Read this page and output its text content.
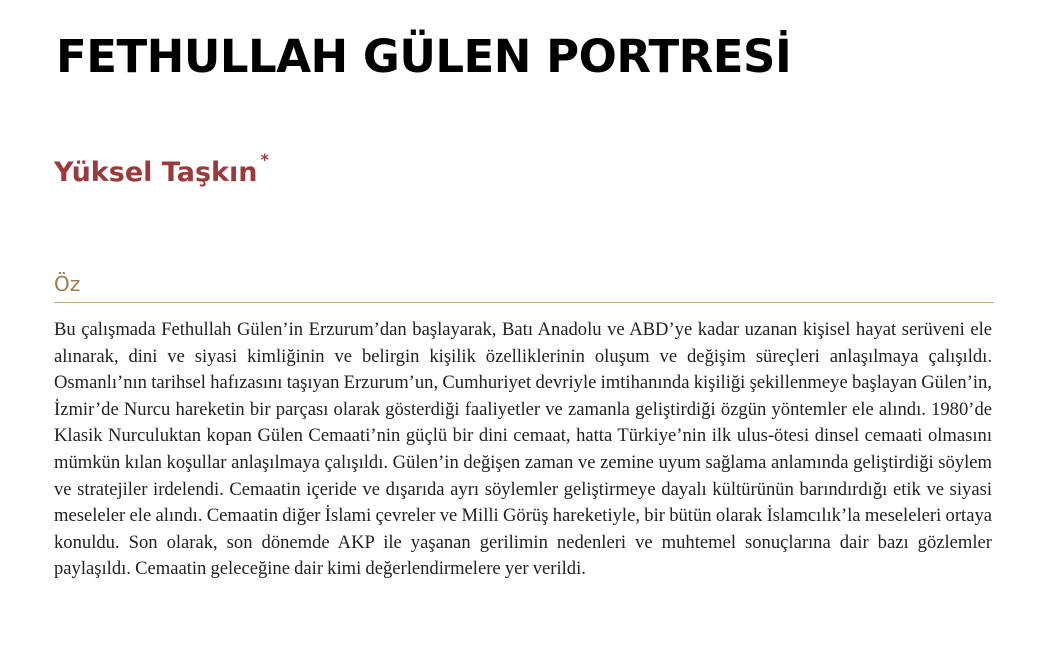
FETHULLAH GÜLEN PORTRESİ
Yüksel Taşkın *
Öz

Bu çalışmada Fethullah Gülen’in Erzurum’dan başlayarak, Batı Anadolu ve ABD’ye kadar uzanan kişisel hayat serüveni ele alınarak, dini ve siyasi kimliğinin ve belirgin kişilik özelliklerinin oluşum ve değişim süreçleri anlaşılmaya çalışıldı. Osmanlı’nın tarihsel hafızasını taşıyan Erzurum’un, Cumhuriyet devriyle imtihanında kişiliği şekillenmeye başlayan Gülen’in, İzmir’de Nurcu hareketin bir parçası olarak gösterdiği faaliyetler ve zamanla geliştirdiği özgün yöntemler ele alındı. 1980’de Klasik Nurculuktan kopan Gülen Cemaati’nin güçlü bir dini cemaat, hatta Türkiye’nin ilk ulus-ötesi dinsel cemaati olmasını mümkün kılan koşullar anlaşılmaya çalışıldı. Gülen’in değişen zaman ve zemine uyum sağlama anlamında geliştirdiği söylem ve stratejiler irdelendi. Cemaatin içeride ve dışarıda ayrı söylemler geliştirmeye dayalı kültürünün barındırdığı etik ve siyasi meseleler ele alındı. Cemaatin diğer İslami çevreler ve Milli Görüş hareketiyle, bir bütün olarak İslamcılık’la meseleleri ortaya konuldu. Son olarak, son dönemde AKP ile yaşanan gerilimin nedenleri ve muhtemel sonuçlarına dair bazı gözlemler paylaşıldı. Cemaatin geleceğine dair kimi değerlendirmelere yer verildi.
